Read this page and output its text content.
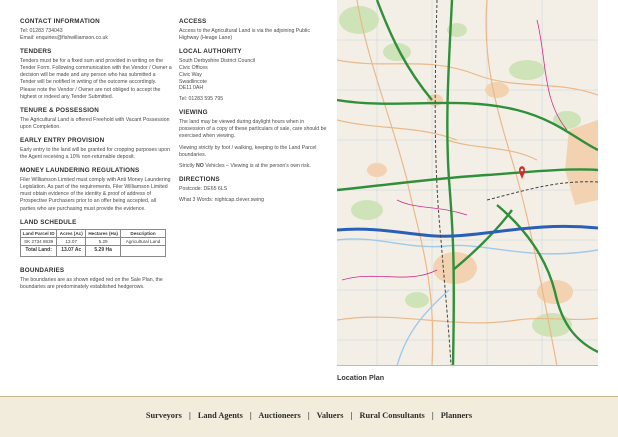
CONTACT INFORMATION
Tel: 01283 734043
Email: enquiries@fishwilliamson.co.uk
TENDERS
Tenders must be for a fixed sum and provided in writing on the Tender Form. Following communication with the Vendor / Owner a decision will be made and any person who has submitted a Tender will be notified in writing of the outcome accordingly. Please note the Vendor / Owner are not obliged to accept the highest or indeed any Tender Submitted.
TENURE & POSSESSION
The Agricultural Land is offered Freehold with Vacant Possession upon Completion.
EARLY ENTRY PROVISION
Early entry to the land will be granted for cropping purposes upon the Agent receiving a 10% non-returnable deposit.
MONEY LAUNDERING REGULATIONS
Filer Williamson Limited must comply with Anti Money Laundering Legislation. As part of the requirements, Filer Williamson Limited must obtain evidence of the identity & proof of address of Prospective Purchasers prior to an offer being accepted, all parties who are purchasing must provide the evidence.
LAND SCHEDULE
Land Parcel ID	Acres (Ac)	Hectares (Ha)	Description
SK 2734 8639	13.07	5.29	Agricultural Land
Total Land:	13.07 Ac	5.29 Ha	
BOUNDARIES
The boundaries are as shown edged red on the Sale Plan, the boundaries are predominately established hedgerows.
ACCESS
Access to the Agricultural Land is via the adjoining Public Highway (Heage Lane)
LOCAL AUTHORITY
South Derbyshire District Council
Civic Offices
Civic Way
Swadlincote
DE11 0AH
Tel: 01283 595 795
VIEWING
The land may be viewed during daylight hours when in possession of a copy of these particulars of sale, care should be exercised when viewing.
Viewing strictly by foot / walking, keeping to the Land Parcel boundaries.
Strictly NO Vehicles – Viewing is at the person's own risk.
DIRECTIONS
Postcode: DE65 6LS
What 3 Words: nightcap.clever.swing
Location Plan
Surveyors | Land Agents | Auctioneers | Valuers | Rural Consultants | Planners
